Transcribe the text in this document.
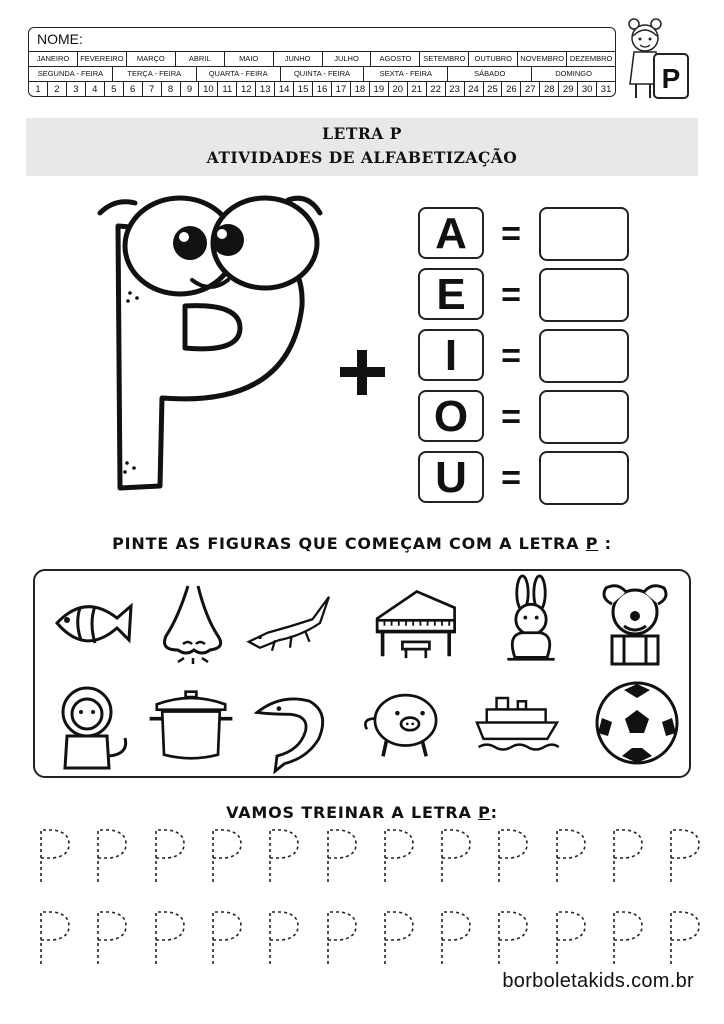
NOME:
JANEIRO	FEVEREIRO	MARÇO	ABRIL	MAIO	JUNHO	JULHO	AGOSTO	SETEMBRO	OUTUBRO	NOVEMBRO DEZEMBRO
SEGUNDA - FEIRA	TERÇA - FEIRA	QUARTA - FEIRA	QUINTA - FEIRA	SEXTA - FEIRA	SÁBADO	DOMINGO
1	2	3	4	5	6	7	8	9	10 11 12 13 14 15 16 17 18 19 20 21 22 23 24 25 26 27 28 29 30 31 P
LETRA P
ATIVIDADES DE ALFABETIZAÇÃO
A	=
E	=
I	=
O =
U	=
PINTE AS FIGURAS QUE COMEÇAM COM A LETRA P :
VAMOS TREINAR A LETRA P:
borboletakids.com.br
